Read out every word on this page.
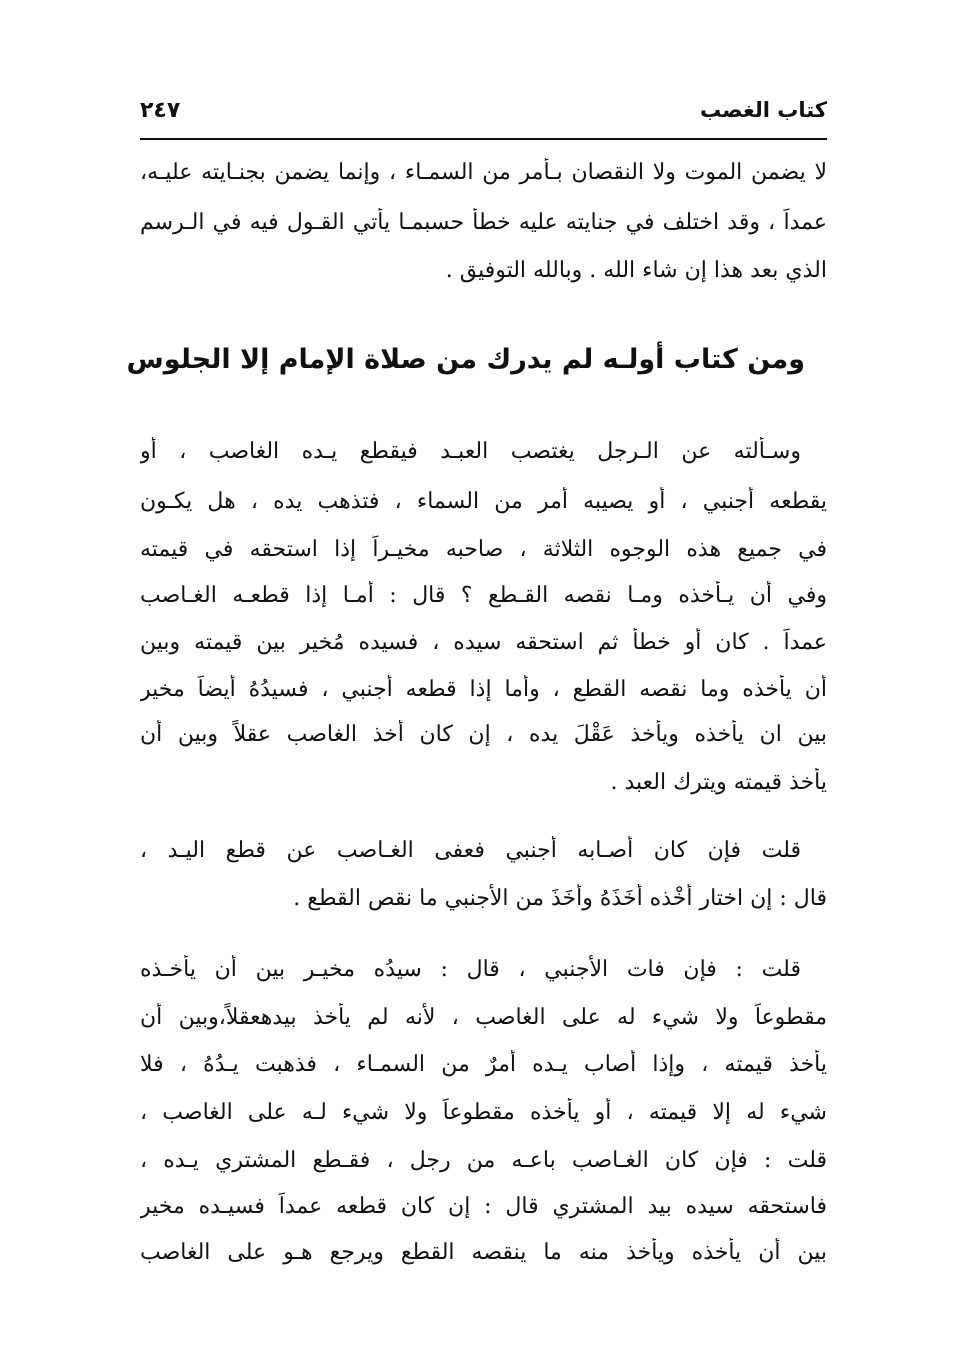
كتاب الغصب
٢٤٧
لا يضمن الموت ولا النقصان بـأمر من السمـاء ، وإنما يضمن بجنـايته عليـه،
عمداً ، وقد اختلف في جنايته عليه خطأً حسبمـا يأتي القـول فيه في الـرسم
الذي بعد هذا إن شاء الله . وبالله التوفيق .
ومن كتاب أولـه لم يدرك من صلاة الإمام إلا الجلوس
وسـألته عن الـرجل يغتصب العبـد فيقطع يـده الغاصب ، أو
يقطعه أجنبي ، أو يصيبه أمر من السماء ، فتذهب يده ، هل يكـون
في جميع هذه الوجوه الثلاثة ، صاحبه مخيـراً إذا استحقه في قيمته
وفي أن يـأخذه ومـا نقصه القـطع ؟ قال : أمـا إذا قطعـه الغـاصب
عمداً . كان أو خطأً ثم استحقه سيده ، فسيده مُخير بين قيمته وبين
أن يأخذه وما نقصه القطع ، وأما إذا قطعه أجنبي ، فسيدُهُ أيضاً مخير
بين ان يأخذه ويأخذ عَقْلَ يده ، إن كان أخذ الغاصب عقلاً وبين أن
يأخذ قيمته ويترك العبد .
قلت فإن كان أصـابه أجنبي فعفى الغـاصب عن قطع اليـد ،
قال : إن اختار أَخْذه أَخَذَهُ وأَخَذَ من الأجنبي ما نقص القطع .
قلت : فإن فات الأجنبي ، قال : سيدُه مخيـر بين أن يأخـذه
مقطوعاً ولا شيء له على الغاصب ، لأنه لم يأخذ بيدهعقلاً،وبين أن
يأخذ قيمته ، وإذا أصاب يـده أمرٌ من السمـاء ، فذهبت يـدُهُ ، فلا
شيء له إلا قيمته ، أو يأخذه مقطوعاً ولا شيء لـه على الغاصب ،
قلت : فإن كان الغـاصب باعـه من رجل ، فقـطع المشتري يـده ،
فاستحقه سيده بيد المشتري قال : إن كان قطعه عمداً فسيـده مخير
بين أن يأخذه ويأخذ منه ما ينقصه القطع ويرجع هـو على الغاصب
